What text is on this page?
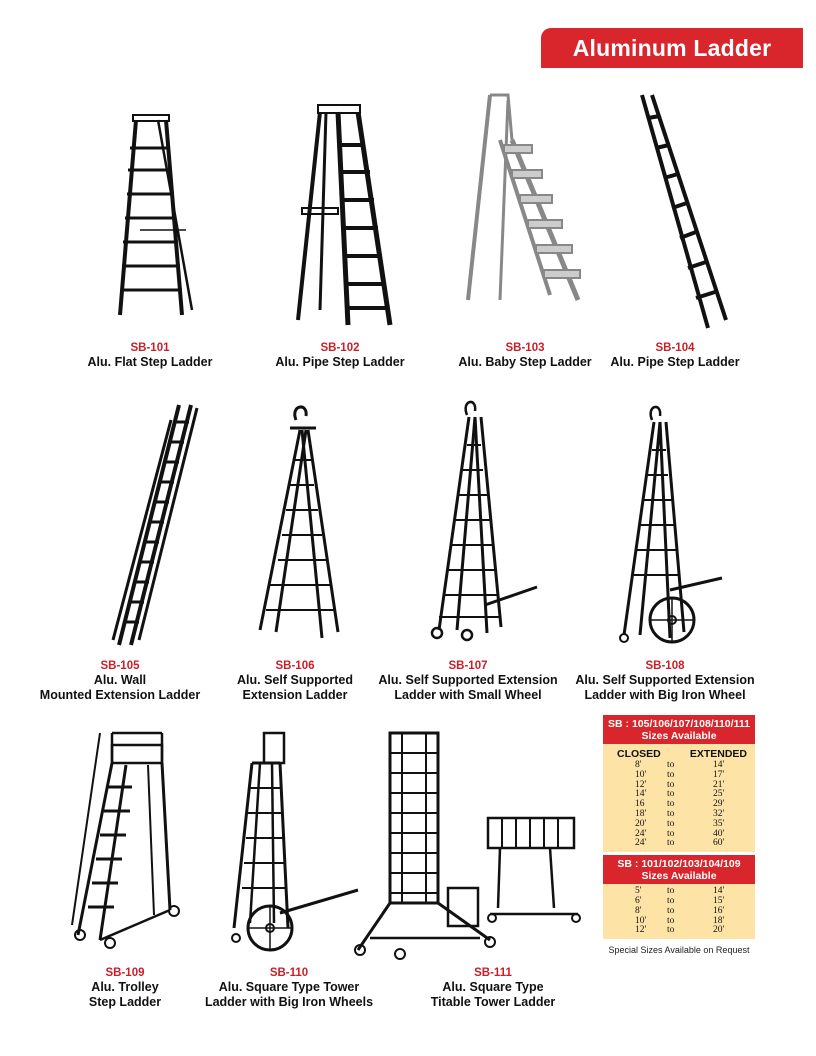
Aluminum Ladder
SB-101
Alu. Flat Step Ladder
SB-102
Alu. Pipe Step Ladder
SB-103
Alu. Baby Step Ladder
SB-104
Alu. Pipe Step Ladder
SB-105
Alu. Wall
Mounted Extension Ladder
SB-106
Alu. Self Supported
Extension Ladder
SB-107
Alu. Self Supported Extension
Ladder with Small Wheel
SB-108
Alu. Self Supported Extension
Ladder with Big Iron Wheel
SB-109
Alu. Trolley
Step Ladder
SB-110
Alu. Square Type Tower
Ladder with Big Iron Wheels
SB-111
Alu. Square Type
Titable Tower Ladder
SB : 105/106/107/108/110/111
Sizes Available
CLOSED	EXTENDED
8'	to	14'
10'	to	17'
12'	to	21'
14'	to	25'
16	to	29'
18'	to	32'
20'	to	35'
24'	to	40'
24'	to	60'
SB : 101/102/103/104/109
Sizes Available
5'	to	14'
6'	to	15'
8'	to	16'
10'	to	18'
12'	to	20'
Special Sizes Available on Request
